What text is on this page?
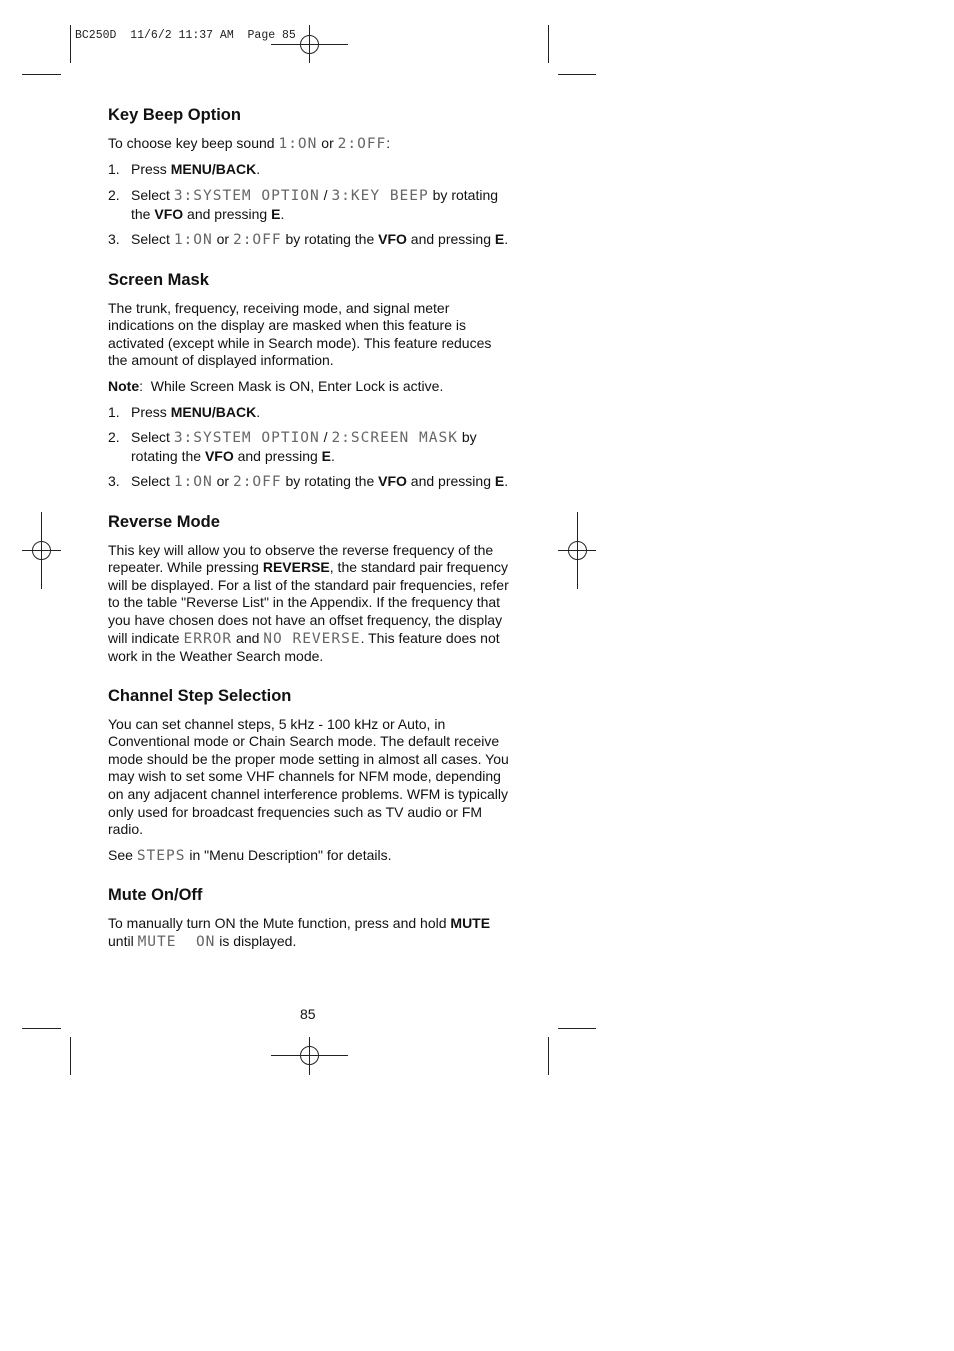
BC250D  11/6/2 11:37 AM  Page 85
Key Beep Option

To choose key beep sound 1:ON or 2:OFF:

1. Press MENU/BACK.
2. Select 3:SYSTEM OPTION / 3:KEY BEEP by rotating the VFO and pressing E.
3. Select 1:ON or 2:OFF by rotating the VFO and pressing E.
Screen Mask

The trunk, frequency, receiving mode, and signal meter indications on the display are masked when this feature is activated (except while in Search mode). This feature reduces the amount of displayed information.

Note:  While Screen Mask is ON, Enter Lock is active.

1. Press MENU/BACK.
2. Select 3:SYSTEM OPTION / 2:SCREEN MASK by rotating the VFO and pressing E.
3. Select 1:ON or 2:OFF by rotating the VFO and pressing E.
Reverse Mode

This key will allow you to observe the reverse frequency of the repeater. While pressing REVERSE, the standard pair frequency will be displayed. For a list of the standard pair frequencies, refer to the table "Reverse List" in the Appendix. If the frequency that you have chosen does not have an offset frequency, the display will indicate ERROR and NO REVERSE. This feature does not work in the Weather Search mode.

Channel Step Selection

You can set channel steps, 5 kHz - 100 kHz or Auto, in Conventional mode or Chain Search mode. The default receive mode should be the proper mode setting in almost all cases. You may wish to set some VHF channels for NFM mode, depending on any adjacent channel interference problems. WFM is typically only used for broadcast frequencies such as TV audio or FM radio.

See STEPS in "Menu Description" for details.

Mute On/Off

To manually turn ON the Mute function, press and hold MUTE until MUTE  ON is displayed.

85
